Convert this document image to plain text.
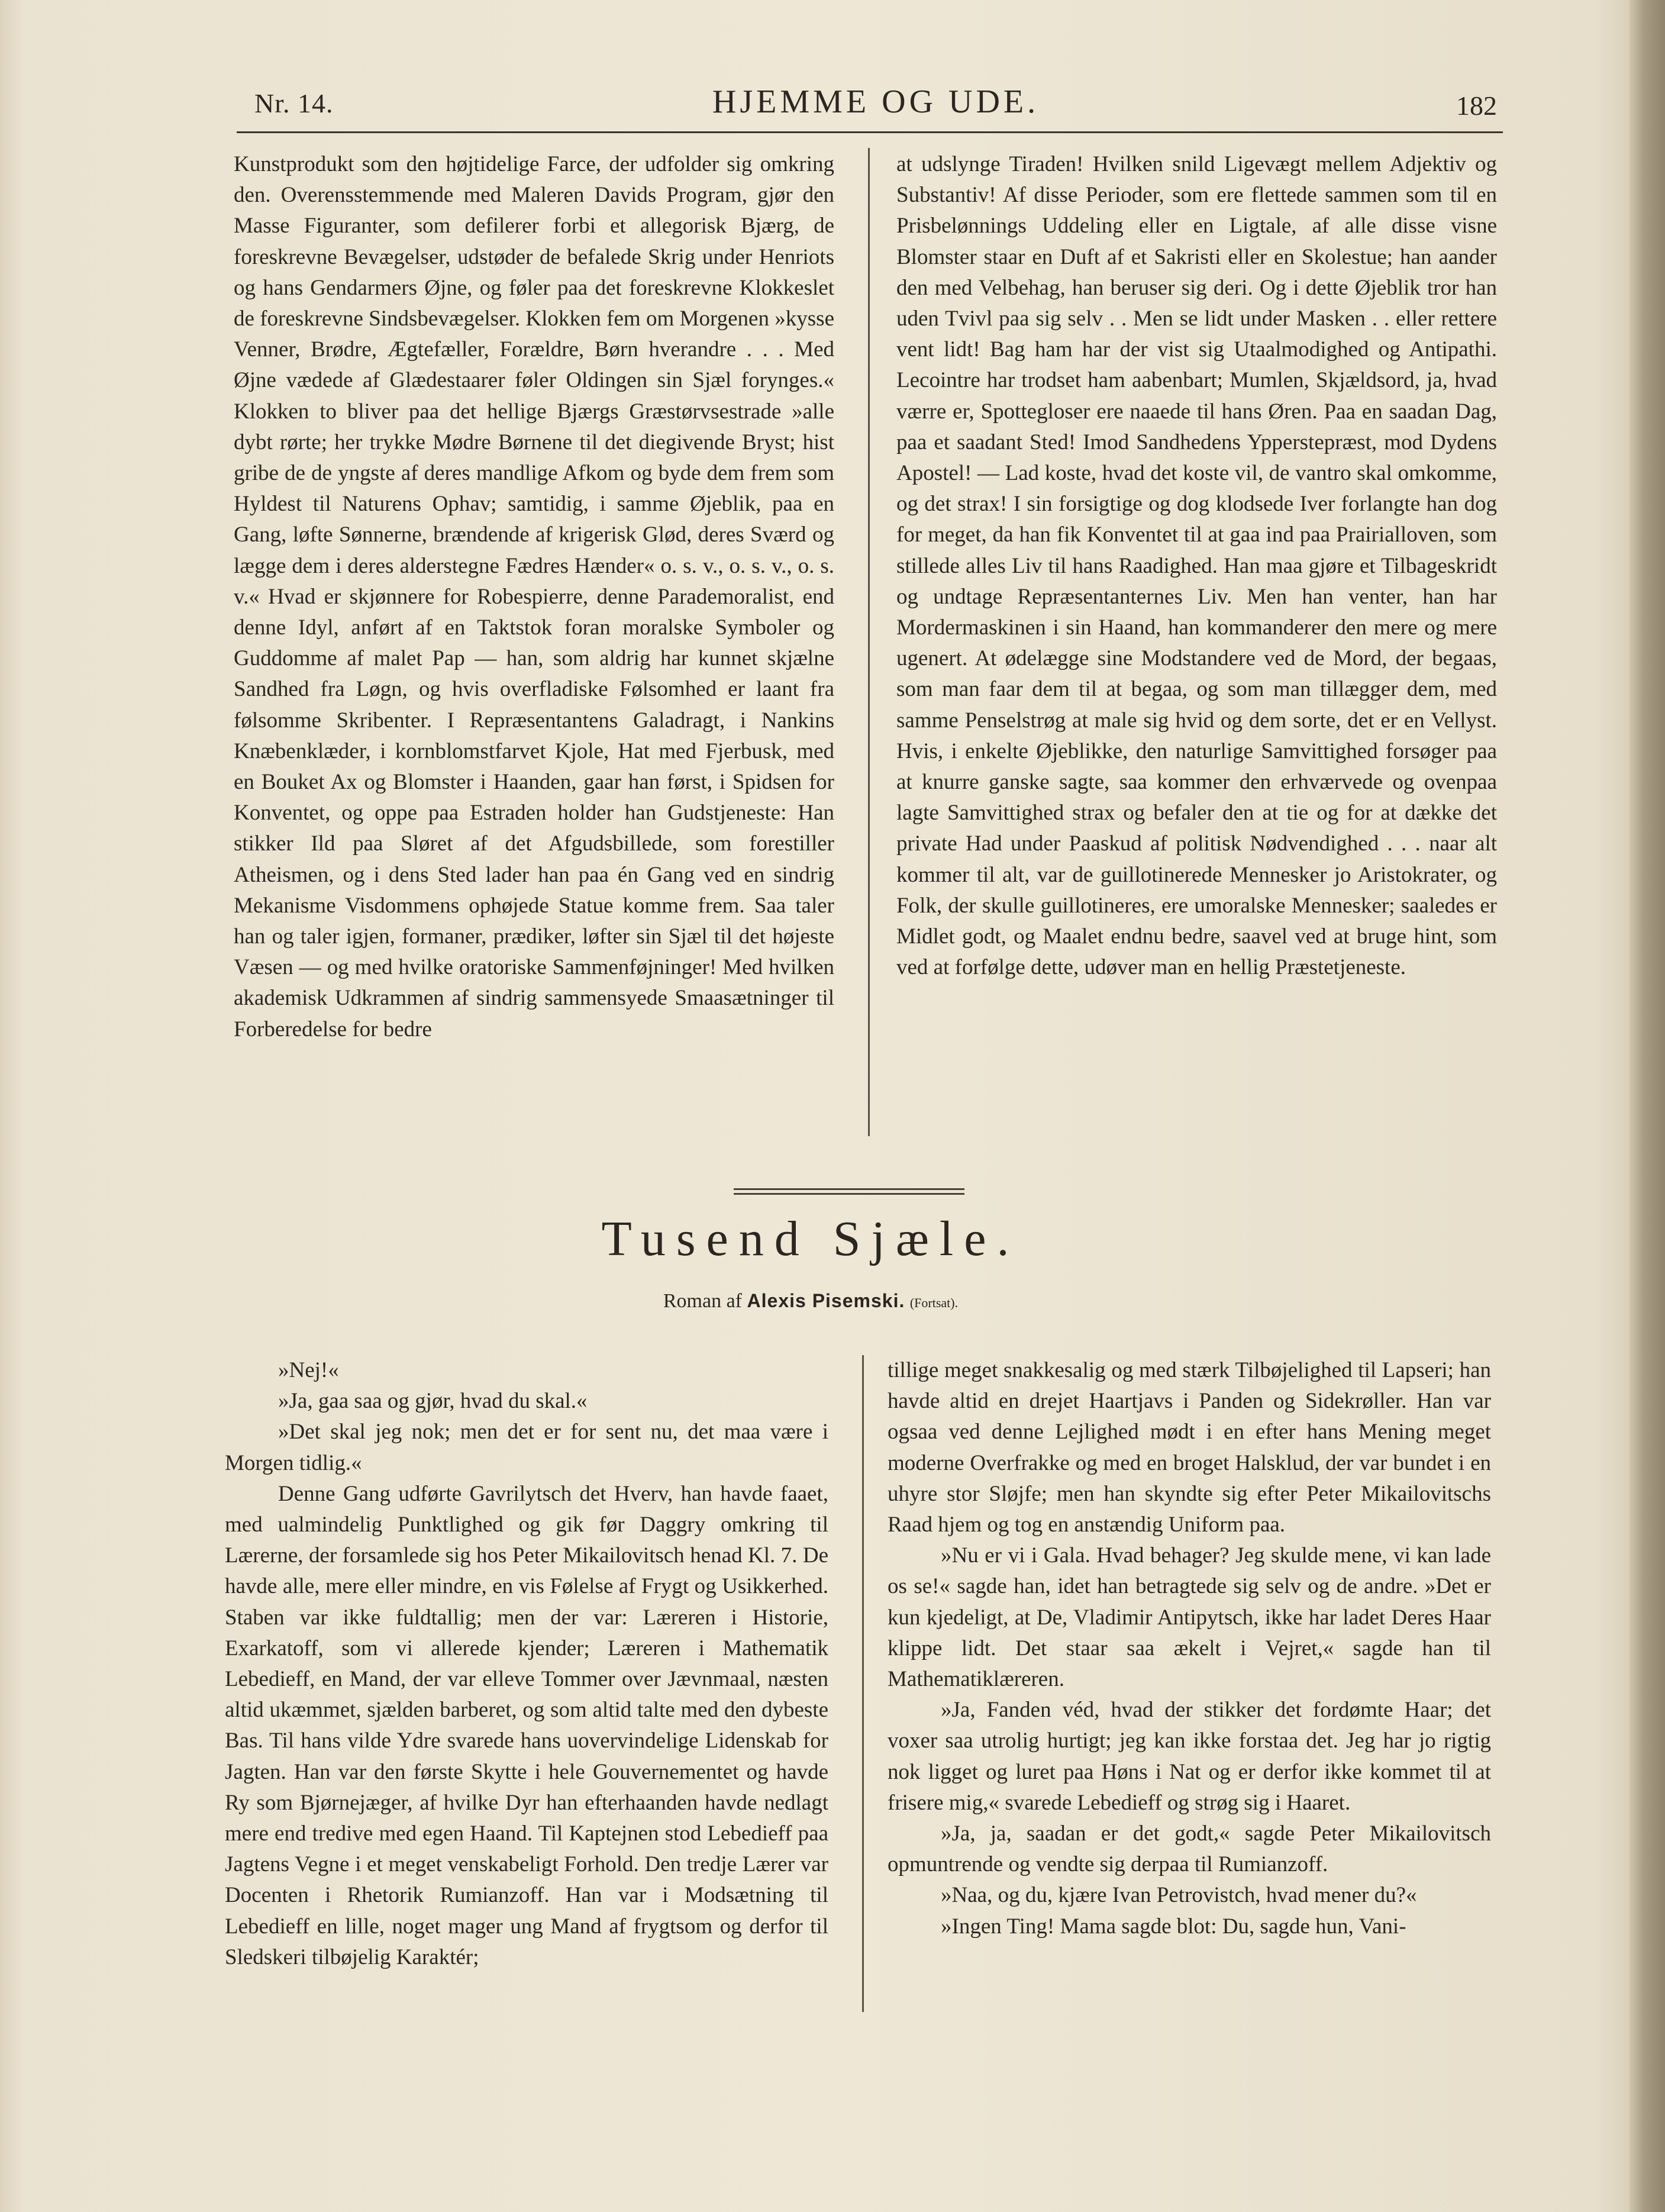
Nr. 14.	HJEMME OG UDE.	182

Kunstprodukt som den højtidelige Farce, der udfolder sig omkring den. Overensstemmende med Maleren Davids Program, gjør den Masse Figuranter, som defilerer forbi et allegorisk Bjærg, de foreskrevne Bevægelser, udstøder de befalede Skrig under Henriots og hans Gendarmers Øjne, og føler paa det foreskrevne Klokkeslet de foreskrevne Sindsbevægelser. Klokken fem om Morgenen »kysse Venner, Brødre, Ægtefæller, Forældre, Børn hverandre . . . Med Øjne vædede af Glædestaarer føler Oldingen sin Sjæl forynges.« Klokken to bliver paa det hellige Bjærgs Græstørvsestrade »alle dybt rørte; her trykke Mødre Børnene til det diegivende Bryst; hist gribe de de yngste af deres mandlige Afkom og byde dem frem som Hyldest til Naturens Ophav; samtidig, i samme Øjeblik, paa en Gang, løfte Sønnerne, brændende af krigerisk Glød, deres Sværd og lægge dem i deres alderstegne Fædres Hænder« o. s. v., o. s. v., o. s. v.« Hvad er skjønnere for Robespierre, denne Parademoralist, end denne Idyl, anført af en Taktstok foran moralske Symboler og Guddomme af malet Pap — han, som aldrig har kunnet skjælne Sandhed fra Løgn, og hvis overfladiske Følsomhed er laant fra følsomme Skribenter. I Repræsentantens Galadragt, i Nankins Knæbenklæder, i kornblomstfarvet Kjole, Hat med Fjerbusk, med en Bouket Ax og Blomster i Haanden, gaar han først, i Spidsen for Konventet, og oppe paa Estraden holder han Gudstjeneste: Han stikker Ild paa Sløret af det Afgudsbillede, som forestiller Atheismen, og i dens Sted lader han paa én Gang ved en sindrig Mekanisme Visdommens ophøjede Statue komme frem. Saa taler han og taler igjen, formaner, prædiker, løfter sin Sjæl til det højeste Væsen — og med hvilke oratoriske Sammenføjninger! Med hvilken akademisk Udkrammen af sindrig sammensyede Smaasætninger til Forberedelse for bedre

at udslynge Tiraden! Hvilken snild Ligevægt mellem Adjektiv og Substantiv! Af disse Perioder, som ere flettede sammen som til en Prisbelønnings Uddeling eller en Ligtale, af alle disse visne Blomster staar en Duft af et Sakristi eller en Skolestue; han aander den med Velbehag, han beruser sig deri. Og i dette Øjeblik tror han uden Tvivl paa sig selv . . Men se lidt under Masken . . eller rettere vent lidt! Bag ham har der vist sig Utaalmodighed og Antipathi. Lecointre har trodset ham aabenbart; Mumlen, Skjældsord, ja, hvad værre er, Spottegloser ere naaede til hans Øren. Paa en saadan Dag, paa et saadant Sted! Imod Sandhedens Ypperstepræst, mod Dydens Apostel! — Lad koste, hvad det koste vil, de vantro skal omkomme, og det strax! I sin forsigtige og dog klodsede Iver forlangte han dog for meget, da han fik Konventet til at gaa ind paa Prairialloven, som stillede alles Liv til hans Raadighed. Han maa gjøre et Tilbageskridt og undtage Repræsentanternes Liv. Men han venter, han har Mordermaskinen i sin Haand, han kommanderer den mere og mere ugenert. At ødelægge sine Modstandere ved de Mord, der begaas, som man faar dem til at begaa, og som man tillægger dem, med samme Penselstrøg at male sig hvid og dem sorte, det er en Vellyst. Hvis, i enkelte Øjeblikke, den naturlige Samvittighed forsøger paa at knurre ganske sagte, saa kommer den erhværvede og ovenpaa lagte Samvittighed strax og befaler den at tie og for at dække det private Had under Paaskud af politisk Nødvendighed . . . naar alt kommer til alt, var de guillotinerede Mennesker jo Aristokrater, og Folk, der skulle guillotineres, ere umoralske Mennesker; saaledes er Midlet godt, og Maalet endnu bedre, saavel ved at bruge hint, som ved at forfølge dette, udøver man en hellig Præstetjeneste.

Tusend Sjæle.
Roman af Alexis Pisemski. (Fortsat).

»Nej!«

»Ja, gaa saa og gjør, hvad du skal.«

»Det skal jeg nok; men det er for sent nu, det maa være i Morgen tidlig.«

Denne Gang udførte Gavrilytsch det Hverv, han havde faaet, med ualmindelig Punktlighed og gik før Daggry omkring til Lærerne, der forsamlede sig hos Peter Mikailovitsch henad Kl. 7. De havde alle, mere eller mindre, en vis Følelse af Frygt og Usikkerhed. Staben var ikke fuldtallig; men der var: Læreren i Historie, Exarkatoff, som vi allerede kjender; Læreren i Mathematik Lebedieff, en Mand, der var elleve Tommer over Jævnmaal, næsten altid ukæmmet, sjælden barberet, og som altid talte med den dybeste Bas. Til hans vilde Ydre svarede hans uovervindelige Lidenskab for Jagten. Han var den første Skytte i hele Gouvernementet og havde Ry som Bjørnejæger, af hvilke Dyr han efterhaanden havde nedlagt mere end tredive med egen Haand. Til Kaptejnen stod Lebedieff paa Jagtens Vegne i et meget venskabeligt Forhold. Den tredje Lærer var Docenten i Rhetorik Rumianzoff. Han var i Modsætning til Lebedieff en lille, noget mager ung Mand af frygtsom og derfor til Sledskeri tilbøjelig Karaktér;

tillige meget snakkesalig og med stærk Tilbøjelighed til Lapseri; han havde altid en drejet Haartjavs i Panden og Sidekrøller. Han var ogsaa ved denne Lejlighed mødt i en efter hans Mening meget moderne Overfrakke og med en broget Halsklud, der var bundet i en uhyre stor Sløjfe; men han skyndte sig efter Peter Mikailovitschs Raad hjem og tog en anstændig Uniform paa.

»Nu er vi i Gala. Hvad behager? Jeg skulde mene, vi kan lade os se!« sagde han, idet han betragtede sig selv og de andre. »Det er kun kjedeligt, at De, Vladimir Antipytsch, ikke har ladet Deres Haar klippe lidt. Det staar saa ækelt i Vejret,« sagde han til Mathematiklæreren.

»Ja, Fanden véd, hvad der stikker det fordømte Haar; det voxer saa utrolig hurtigt; jeg kan ikke forstaa det. Jeg har jo rigtig nok ligget og luret paa Høns i Nat og er derfor ikke kommet til at frisere mig,« svarede Lebedieff og strøg sig i Haaret.

»Ja, ja, saadan er det godt,« sagde Peter Mikailovitsch opmuntrende og vendte sig derpaa til Rumianzoff.

»Naa, og du, kjære Ivan Petrovistch, hvad mener du?«

»Ingen Ting! Mama sagde blot: Du, sagde hun, Vani-
